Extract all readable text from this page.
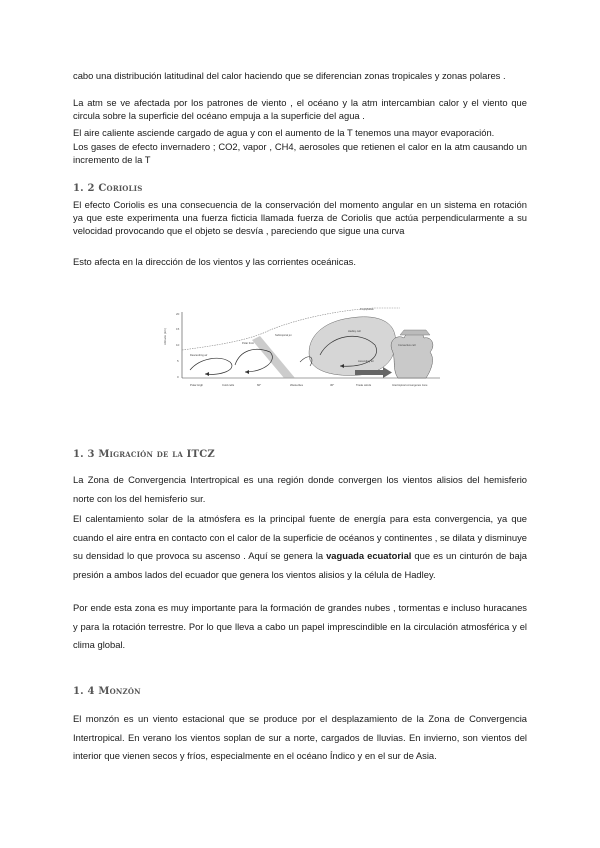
cabo una distribución latitudinal del calor haciendo que se diferencian zonas tropicales y zonas polares .

La atm se ve afectada por los patrones de viento , el océano y la atm intercambian calor y el viento que circula sobre la superficie del océano empuja a la superficie del agua .

El aire caliente asciende cargado de agua y con el aumento de la T tenemos una mayor evaporación.

Los gases de efecto invernadero ; CO2, vapor , CH4, aerosoles que retienen el calor en la atm causando un incremento de la T

1. 2 Coriolis

El efecto Coriolis es una consecuencia de la conservación del momento angular en un sistema en rotación ya que este experimenta una fuerza ficticia llamada fuerza de Coriolis que actúa perpendicularmente a su velocidad provocando que el objeto se desvía , pareciendo que sigue una curva

Esto afecta en la dirección de los vientos y las corrientes oceánicas.

Altitude (km)
20
15
10
5
0
Polar front
Subtropical jet
Tropopause
Hadley cell
Ascending air
Descending air
Convective cell
Polar High	Cold cells	60°	Westerlies	30°	Trade winds	Intertropical convergence zone
1. 3 Migración de la ITCZ

La Zona de Convergencia Intertropical es una región donde convergen los vientos alisios del hemisferio norte con los del hemisferio sur.

El calentamiento solar de la atmósfera es la principal fuente de energía para esta convergencia, ya que cuando el aire entra en contacto con el calor de la superficie de océanos y continentes , se dilata y disminuye su densidad lo que provoca su ascenso . Aquí se genera la vaguada ecuatorial que es un cinturón de baja presión a ambos lados del ecuador que genera los vientos alisios y la célula de Hadley.

Por ende esta zona es muy importante para la formación de grandes nubes , tormentas e incluso huracanes y para la rotación terrestre. Por lo que lleva a cabo un papel imprescindible en la circulación atmosférica y el clima global.

1. 4 Monzón

El monzón es un viento estacional que se produce por el desplazamiento de la Zona de Convergencia Intertropical. En verano los vientos soplan de sur a norte, cargados de lluvias. En invierno, son vientos del interior que vienen secos y fríos, especialmente en el océano Índico y en el sur de Asia.
